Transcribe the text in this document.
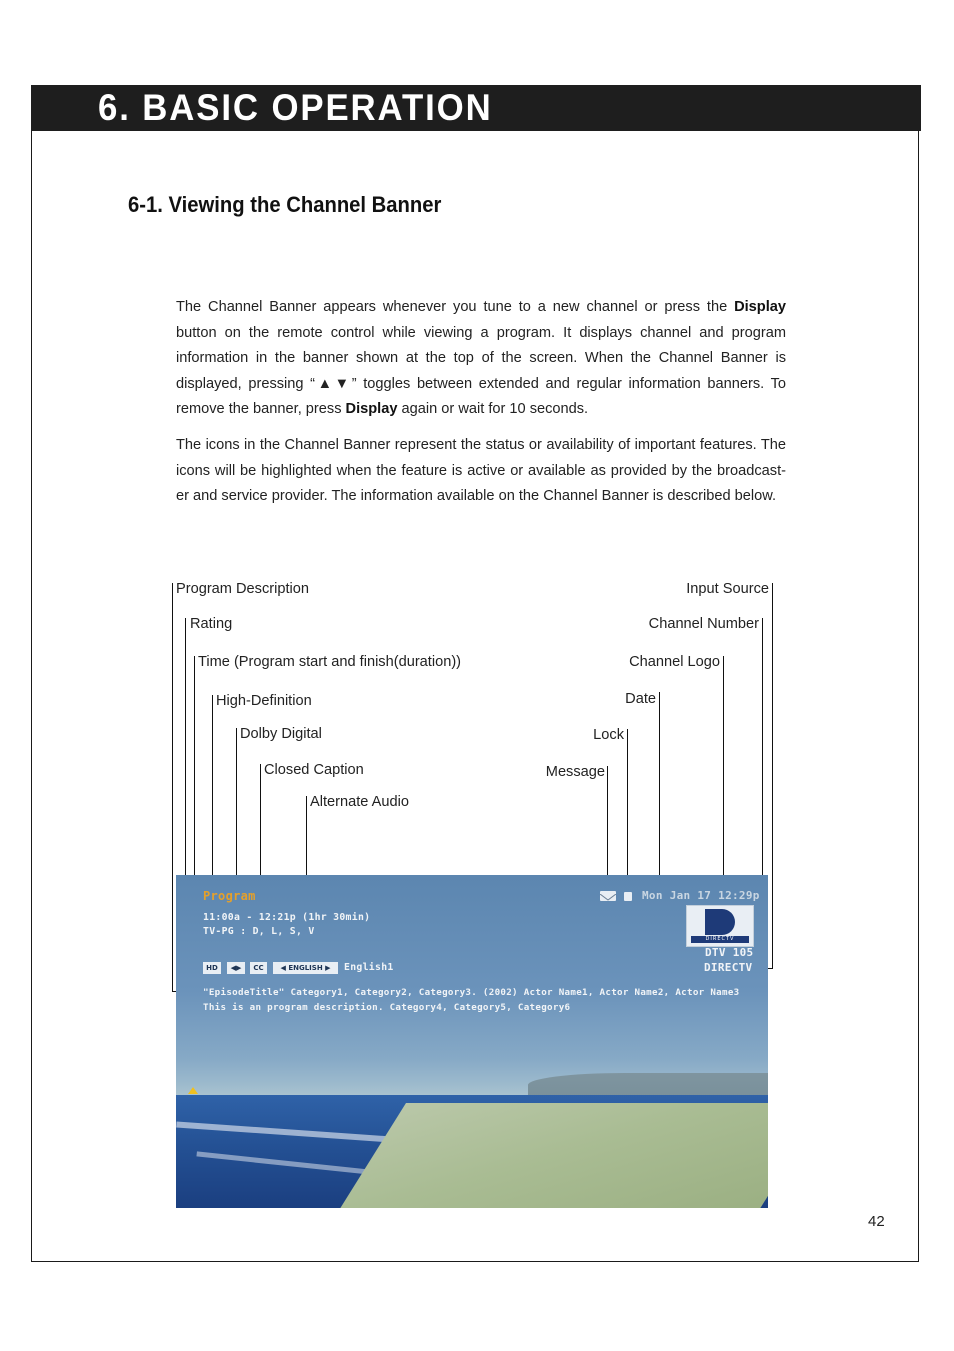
6. BASIC OPERATION
6-1. Viewing the Channel Banner
The Channel Banner appears whenever you tune to a new channel or press the Display button on the remote control while viewing a program. It displays channel and program information in the banner shown at the top of the screen. When the Channel Banner is displayed, pressing “▲▼” toggles between extended and regular information banners. To remove the banner, press Display again or wait for 10 seconds.
The icons in the Channel Banner represent the status or availability of important features. The icons will be highlighted when the feature is active or available as provided by the broadcast-er and service provider. The information available on the Channel Banner is described below.
Program Description
Rating
Time (Program start and finish(duration))
High-Definition
Dolby Digital
Closed Caption
Alternate Audio
Input Source
Channel Number
Channel Logo
Date
Lock
Message
Program
11:00a - 12:21p (1hr 30min)
TV-PG : D, L, S, V
HD	◀▶	CC	◀ ENGLISH ▶	English1
"EpisodeTitle" Category1, Category2, Category3. (2002) Actor Name1, Actor Name2, Actor Name3
This is an program description. Category4, Category5, Category6
Mon Jan 17 12:29p
DIRECTV
DTV 105
DIRECTV
42
